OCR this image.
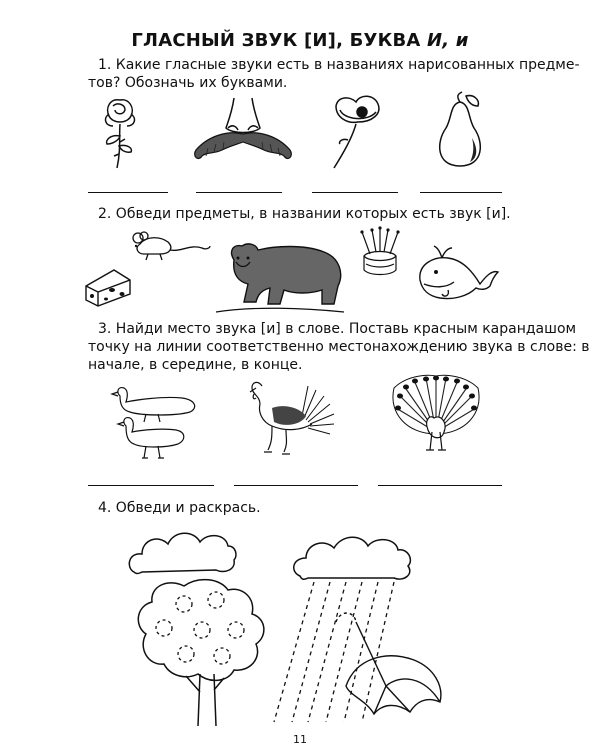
ГЛАСНЫЙ ЗВУК [И], БУКВА И, и
1. Какие гласные звуки есть в названиях нарисованных предме-
тов? Обозначь их буквами.
2. Обведи предметы, в названии которых есть звук [и].
3. Найди место звука [и] в слове. Поставь красным карандашом
точку на линии соответственно местонахождению звука в слове: в
начале, в середине, в конце.
4. Обведи и раскрась.
11
